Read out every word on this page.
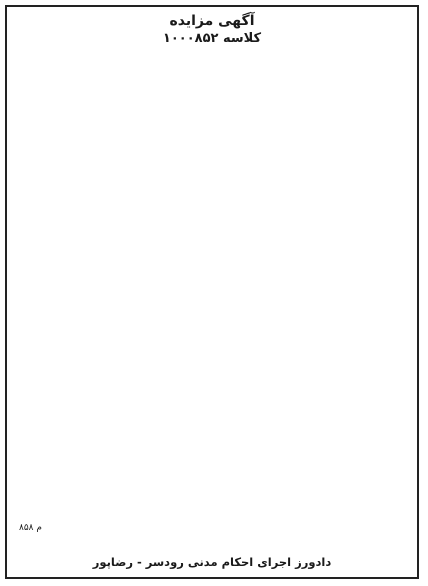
آگهی مزایده
کلاسه ۱۰۰۰۸۵۲
م ۸۵۸
دادورز اجرای احکام مدنی رودسر - رضاپور
